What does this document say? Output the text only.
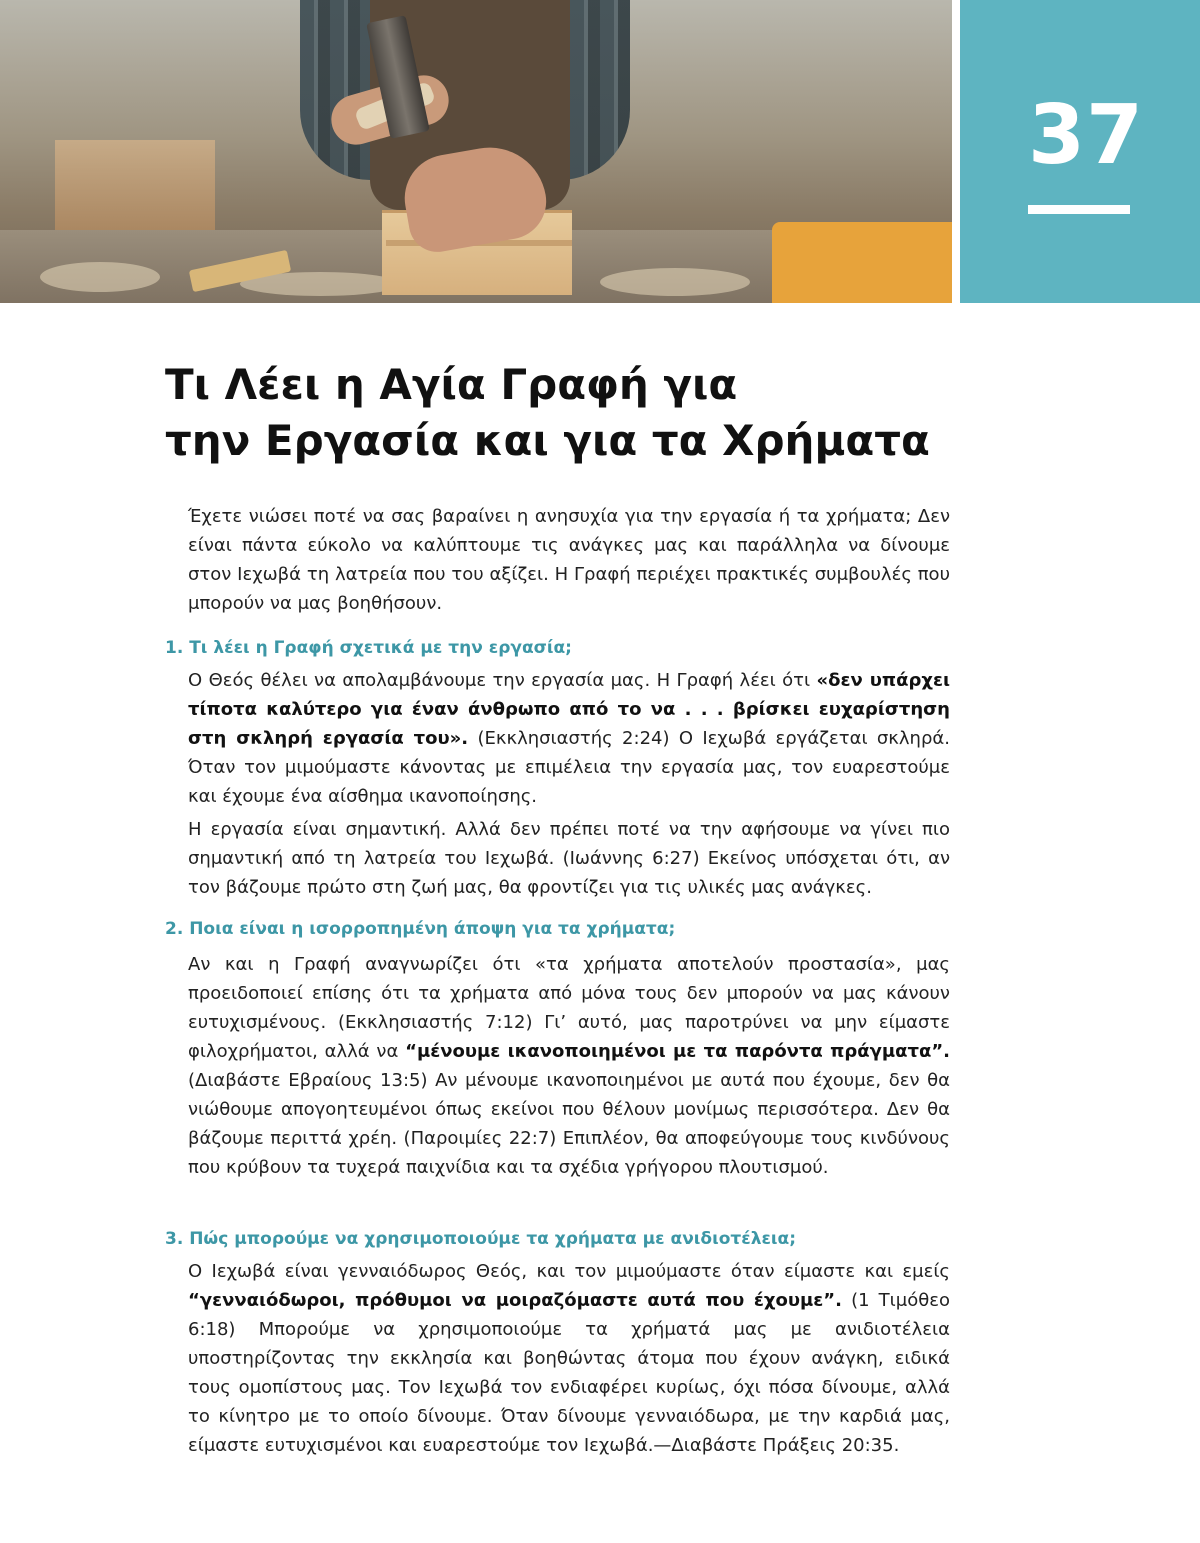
37
Τι Λέει η Αγία Γραφή για
την Εργασία και για τα Χρήματα

Έχετε νιώσει ποτέ να σας βαραίνει η ανησυχία για την εργασία ή τα χρήματα; Δεν είναι πάντα εύκολο να καλύπτουμε τις ανάγκες μας και παράλληλα να δίνουμε στον Ιεχωβά τη λατρεία που του αξίζει. Η Γραφή περιέχει πρακτικές συμβουλές που μπορούν να μας βοηθήσουν.

1. Τι λέει η Γραφή σχετικά με την εργασία;

Ο Θεός θέλει να απολαμβάνουμε την εργασία μας. Η Γραφή λέει ότι «δεν υπάρχει τίποτα καλύτερο για έναν άνθρωπο από το να . . . βρίσκει ευχαρίστηση στη σκληρή εργασία του». (Εκκλησιαστής 2:24) Ο Ιεχωβά εργάζεται σκληρά. Όταν τον μιμούμαστε κάνοντας με επιμέλεια την εργασία μας, τον ευαρεστούμε και έχουμε ένα αίσθημα ικανοποίησης.

Η εργασία είναι σημαντική. Αλλά δεν πρέπει ποτέ να την αφήσουμε να γίνει πιο σημαντική από τη λατρεία του Ιεχωβά. (Ιωάννης 6:27) Εκείνος υπόσχεται ότι, αν τον βάζουμε πρώτο στη ζωή μας, θα φροντίζει για τις υλικές μας ανάγκες.

2. Ποια είναι η ισορροπημένη άποψη για τα χρήματα;

Αν και η Γραφή αναγνωρίζει ότι «τα χρήματα αποτελούν προστασία», μας προειδοποιεί επίσης ότι τα χρήματα από μόνα τους δεν μπορούν να μας κάνουν ευτυχισμένους. (Εκκλησιαστής 7:12) Γι’ αυτό, μας παροτρύνει να μην είμαστε φιλοχρήματοι, αλλά να “μένουμε ικανοποιημένοι με τα παρόντα πράγματα”. (Διαβάστε Εβραίους 13:5) Αν μένουμε ικανοποιημένοι με αυτά που έχουμε, δεν θα νιώθουμε απογοητευμένοι όπως εκείνοι που θέλουν μονίμως περισσότερα. Δεν θα βάζουμε περιττά χρέη. (Παροιμίες 22:7) Επιπλέον, θα αποφεύγουμε τους κινδύνους που κρύβουν τα τυχερά παιχνίδια και τα σχέδια γρήγορου πλουτισμού.

3. Πώς μπορούμε να χρησιμοποιούμε τα χρήματα με ανιδιοτέλεια;

Ο Ιεχωβά είναι γενναιόδωρος Θεός, και τον μιμούμαστε όταν είμαστε και εμείς “γενναιόδωροι, πρόθυμοι να μοιραζόμαστε αυτά που έχουμε”. (1 Τιμόθεο 6:18) Μπορούμε να χρησιμοποιούμε τα χρήματά μας με ανιδιοτέλεια υποστηρίζοντας την εκκλησία και βοηθώντας άτομα που έχουν ανάγκη, ειδικά τους ομοπίστους μας. Τον Ιεχωβά τον ενδιαφέρει κυρίως, όχι πόσα δίνουμε, αλλά το κίνητρο με το οποίο δίνουμε. Όταν δίνουμε γενναιόδωρα, με την καρδιά μας, είμαστε ευτυχισμένοι και ευαρεστούμε τον Ιεχωβά.—Διαβάστε Πράξεις 20:35.
